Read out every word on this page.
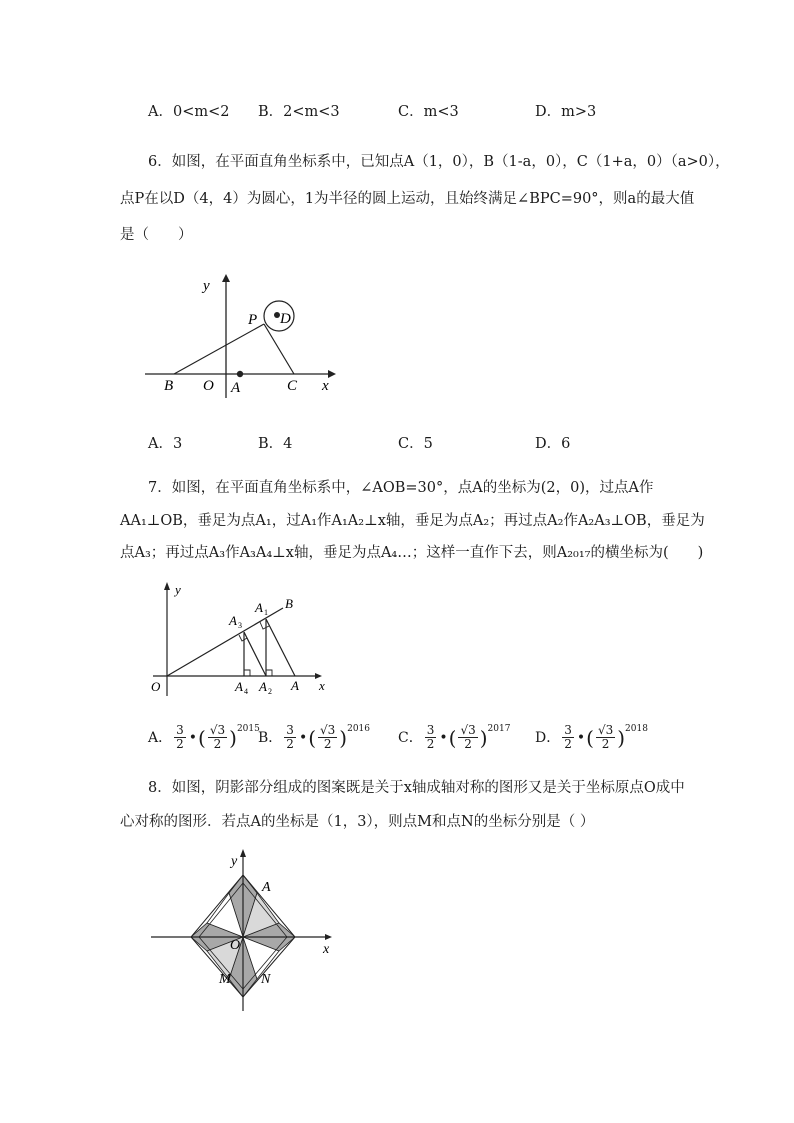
A．0<m<2 B．2<m<3	C．m<3	D．m>3
6．如图，在平面直角坐标系中，已知点A（1，0），B（1-a，0），C（1+a，0）（a>0），
点P在以D（4，4）为圆心，1为半径的圆上运动，且始终满足∠BPC=90°，则a的最大值
是（　　）
y
x
P D
B O A	C
A．3	B．4	C．5	D．6
7．如图，在平面直角坐标系中，∠AOB=30°，点A的坐标为(2，0)，过点A作
AA₁⊥OB，垂足为点A₁，过A₁作A₁A₂⊥x轴，垂足为点A₂；再过点A₂作A₂A₃⊥OB，垂足为
点A₃；再过点A₃作A₃A₄⊥x轴，垂足为点A₄…；这样一直作下去，则A₂₀₁₇的横坐标为(　　)
y
x
O
B
A
A 1
A 2
A 3
A 4
A． $\frac{3}{2}$ • ( $\frac{√3}{2}$ ) 2015
B． $\frac{3}{2}$ • ( $\frac{√3}{2}$ ) 2016
C． $\frac{3}{2}$ • ( $\frac{√3}{2}$ ) 2017
D． $\frac{3}{2}$ • ( $\frac{√3}{2}$ ) 2018
8．如图，阴影部分组成的图案既是关于x轴成轴对称的图形又是关于坐标原点O成中
心对称的图形．若点A的坐标是（1，3），则点M和点N的坐标分别是（ ）
y
x
O
A
M N
